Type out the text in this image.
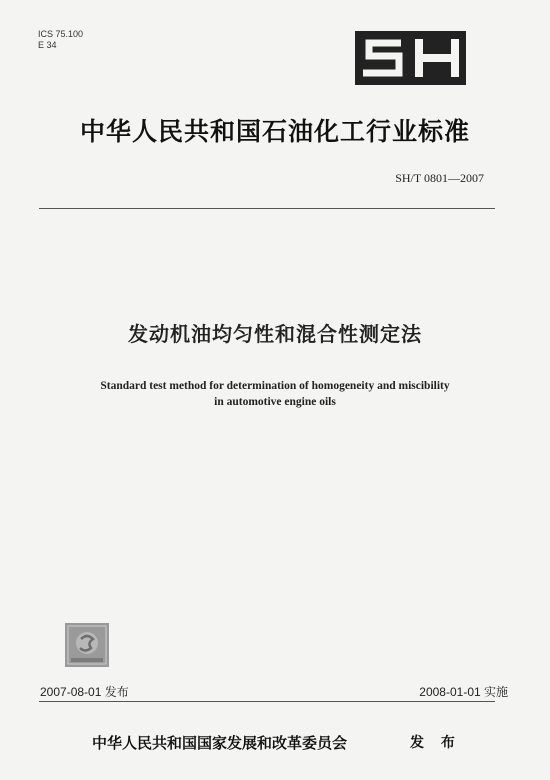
ICS 75.100
E 34
中华人民共和国石油化工行业标准
SH/T 0801—2007
发动机油均匀性和混合性测定法
Standard test method for determination of homogeneity and miscibility
in automotive engine oils
2007-08-01 发布	2008-01-01 实施
中华人民共和国国家发展和改革委员会	发 布
